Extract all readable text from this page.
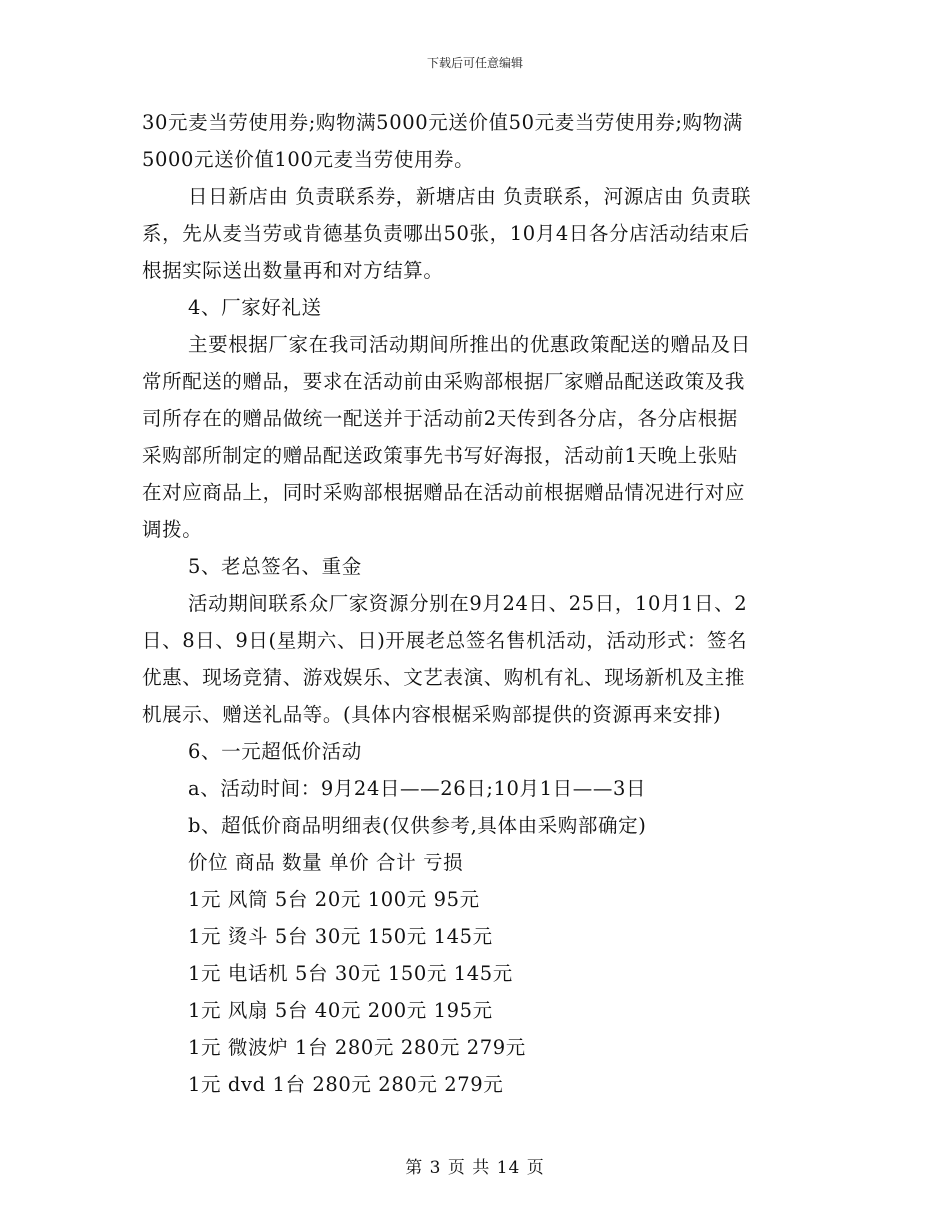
下载后可任意编辑
30元麦当劳使用券;购物满5000元送价值50元麦当劳使用券;购物满
5000元送价值100元麦当劳使用券。
日日新店由 负责联系券，新塘店由 负责联系，河源店由 负责联
系，先从麦当劳或肯德基负责哪出50张，10月4日各分店活动结束后
根据实际送出数量再和对方结算。
4、厂家好礼送
主要根据厂家在我司活动期间所推出的优惠政策配送的赠品及日
常所配送的赠品，要求在活动前由采购部根据厂家赠品配送政策及我
司所存在的赠品做统一配送并于活动前2天传到各分店，各分店根据
采购部所制定的赠品配送政策事先书写好海报，活动前1天晚上张贴
在对应商品上，同时采购部根据赠品在活动前根据赠品情况进行对应
调拨。
5、老总签名、重金
活动期间联系众厂家资源分别在9月24日、25日，10月1日、2
日、8日、9日(星期六、日)开展老总签名售机活动，活动形式：签名
优惠、现场竞猜、游戏娱乐、文艺表演、购机有礼、现场新机及主推
机展示、赠送礼品等。(具体内容根椐采购部提供的资源再来安排)
6、一元超低价活动
a、活动时间：9月24日——26日;10月1日——3日
b、超低价商品明细表(仅供参考,具体由采购部确定)
价位 商品 数量 单价 合计 亏损
1元 风筒 5台 20元 100元 95元
1元 烫斗 5台 30元 150元 145元
1元 电话机 5台 30元 150元 145元
1元 风扇 5台 40元 200元 195元
1元 微波炉 1台 280元 280元 279元
1元 dvd 1台 280元 280元 279元
第 3 页 共 14 页
